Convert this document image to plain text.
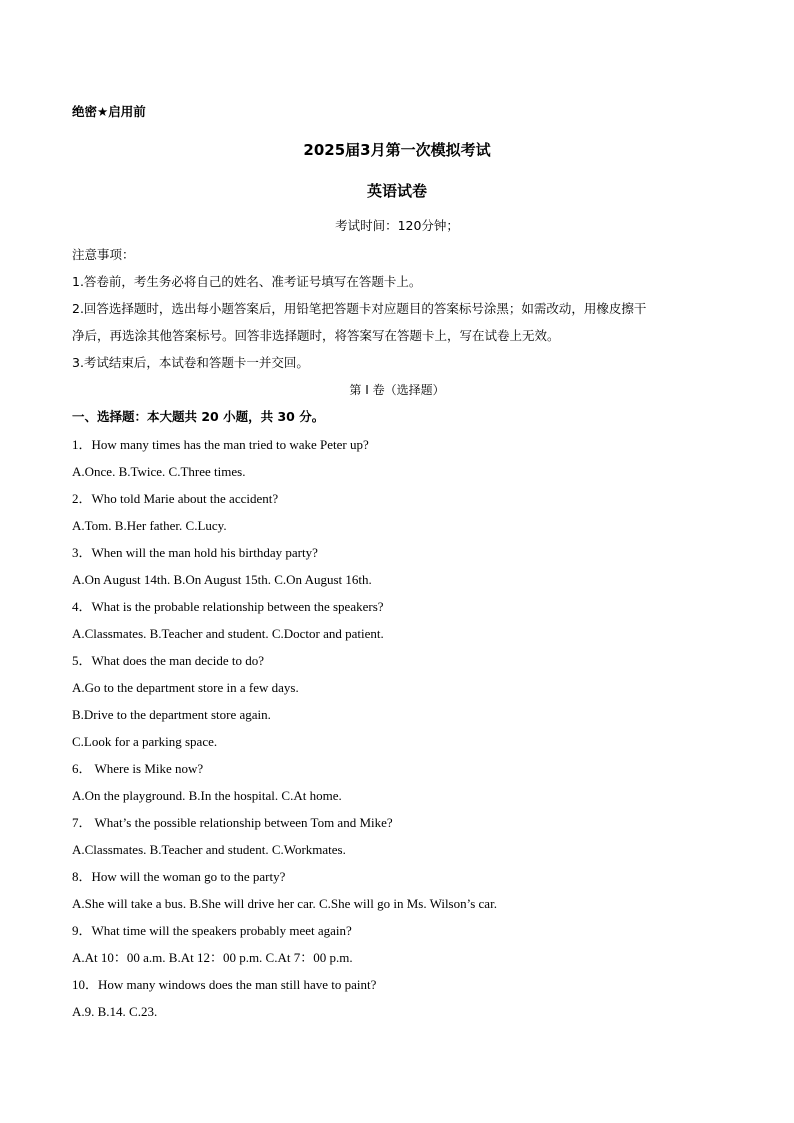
绝密★启用前
2025届3月第一次模拟考试
英语试卷
考试时间：120分钟；
注意事项：
1.答卷前，考生务必将自己的姓名、准考证号填写在答题卡上。
2.回答选择题时，选出每小题答案后，用铅笔把答题卡对应题目的答案标号涂黑；如需改动，用橡皮擦干
净后，再选涂其他答案标号。回答非选择题时，将答案写在答题卡上，写在试卷上无效。
3.考试结束后，本试卷和答题卡一并交回。
第 I 卷（选择题）
一、选择题：本大题共 20 小题，共 30 分。
1．How many times has the man tried to wake Peter up?
A.Once. B.Twice. C.Three times.
2．Who told Marie about the accident?
A.Tom. B.Her father. C.Lucy.
3．When will the man hold his birthday party?
A.On August 14th. B.On August 15th. C.On August 16th.
4．What is the probable relationship between the speakers?
A.Classmates. B.Teacher and student. C.Doctor and patient.
5．What does the man decide to do?
A.Go to the department store in a few days.
B.Drive to the department store again.
C.Look for a parking space.
6． Where is Mike now?
A.On the playground. B.In the hospital. C.At home.
7． What’s the possible relationship between Tom and Mike?
A.Classmates. B.Teacher and student. C.Workmates.
8．How will the woman go to the party?
A.She will take a bus. B.She will drive her car. C.She will go in Ms. Wilson’s car.
9．What time will the speakers probably meet again?
A.At 10：00 a.m. B.At 12：00 p.m. C.At 7：00 p.m.
10．How many windows does the man still have to paint?
A.9. B.14. C.23.
